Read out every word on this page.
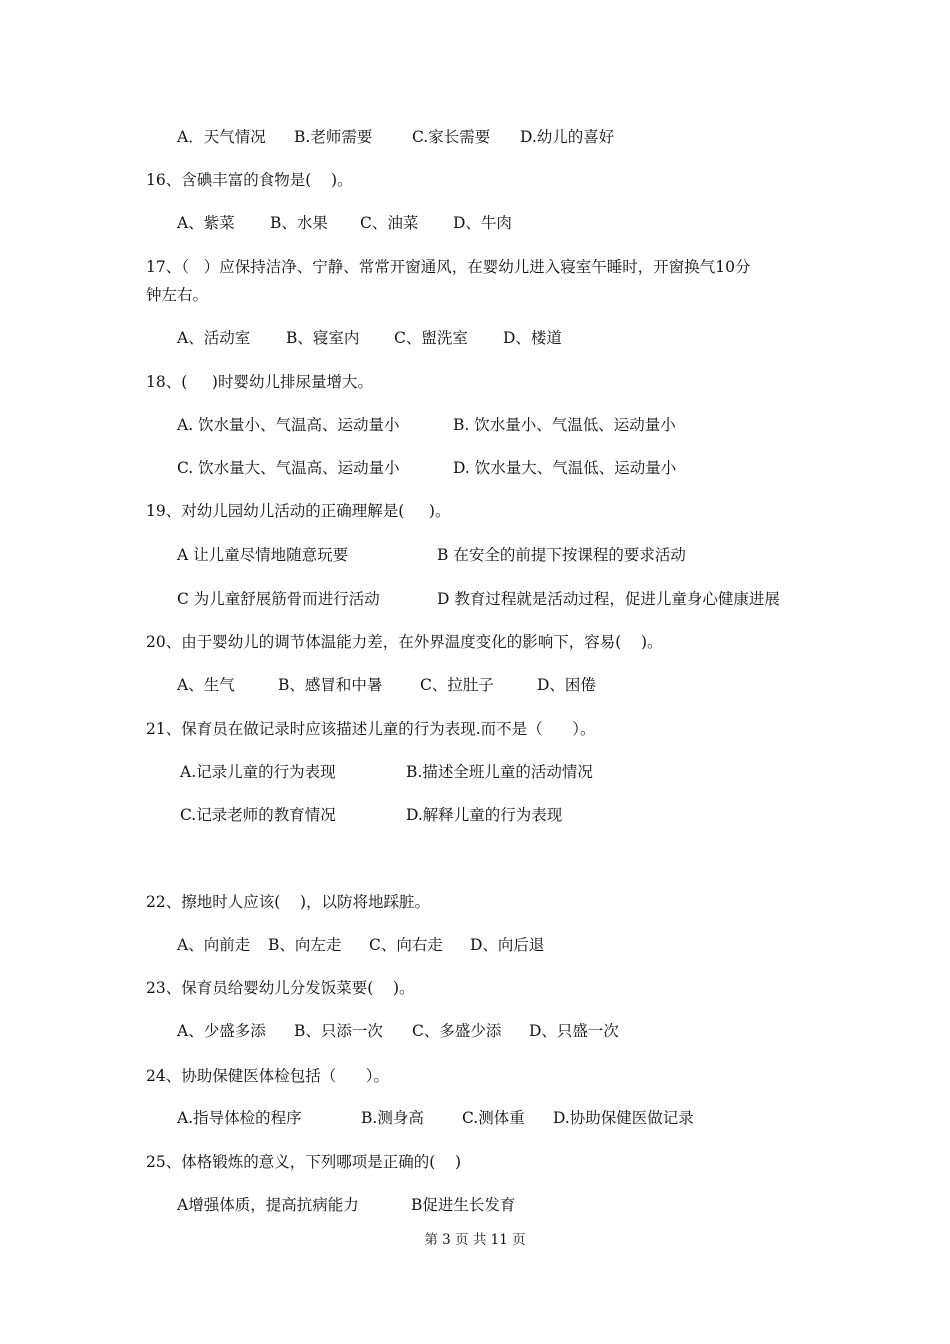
A．天气情况

B.老师需要

	C.家长需要

D.幼儿的喜好

16、含碘丰富的食物是(    )。

A、紫菜

B、水果

C、油菜

D、牛肉

17、（   ）应保持洁净、宁静、常常开窗通风，在婴幼儿进入寝室午睡时，开窗换气10分
钟左右。

A、活动室

B、寝室内

C、盥洗室

D、楼道

18、(     )时婴幼儿排尿量增大。

A. 饮水量小、气温高、运动量小

	B. 饮水量小、气温低、运动量小

C. 饮水量大、气温高、运动量小

	D. 饮水量大、气温低、运动量小

19、对幼儿园幼儿活动的正确理解是(     )。

A 让儿童尽情地随意玩要

	B 在安全的前提下按课程的要求活动

C 为儿童舒展筋骨而进行活动

	D 教育过程就是活动过程，促进儿童身心健康进展

20、由于婴幼儿的调节体温能力差，在外界温度变化的影响下，容易(    )。

A、生气

	B、感冒和中暑

C、拉肚子

	D、困倦

21、保育员在做记录时应该描述儿童的行为表现.而不是（      ）。

A.记录儿童的行为表现

	B.描述全班儿童的活动情况

C.记录老师的教育情况

	D.解释儿童的行为表现

22、擦地时人应该(    )，以防将地踩脏。

A、向前走

B、向左走

C、向右走

D、向后退

23、保育员给婴幼儿分发饭菜要(    )。

A、少盛多添

B、只添一次

C、多盛少添

D、只盛一次

24、协助保健医体检包括（      ）。

A.指导体检的程序

	B.测身高

C.测体重

D.协助保健医做记录

25、体格锻炼的意义，下列哪项是正确的(    )

A增强体质，提高抗病能力

	B促进生长发育

第 3 页 共 11 页
